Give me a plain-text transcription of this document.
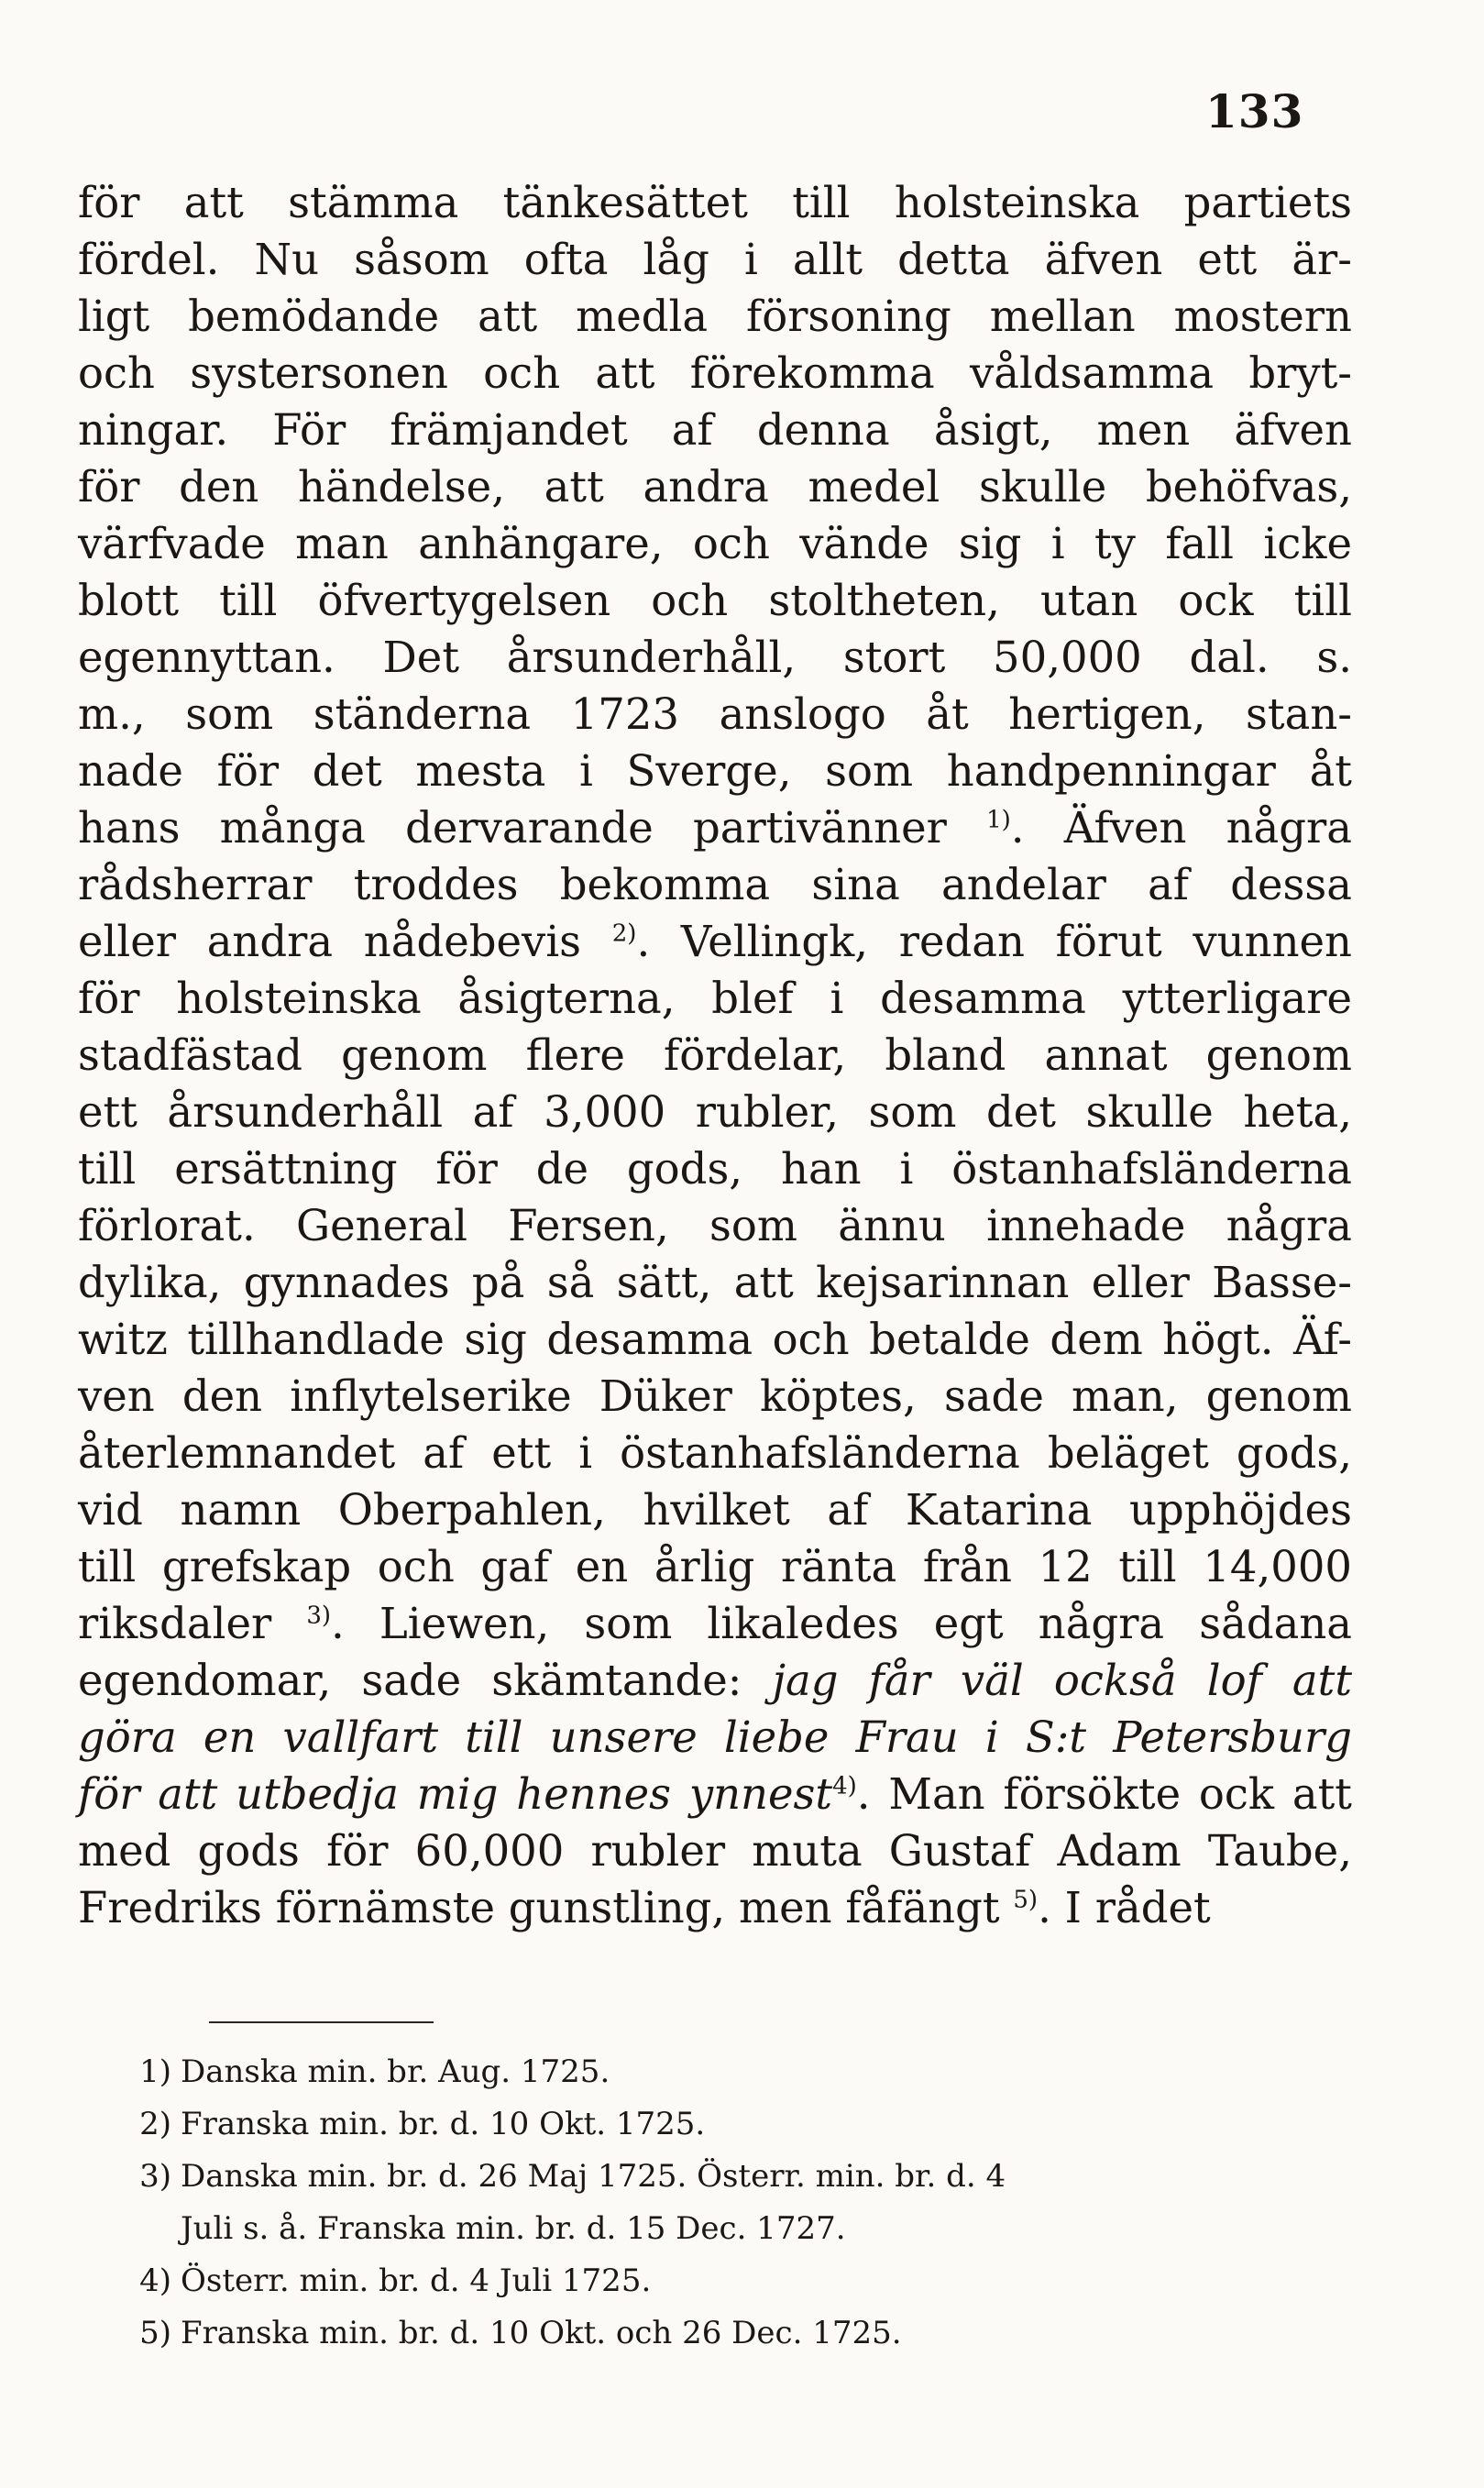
133
för att stämma tänkesättet till holsteinska partiets
fördel. Nu såsom ofta låg i allt detta äfven ett är-
ligt bemödande att medla försoning mellan mostern
och systersonen och att förekomma våldsamma bryt-
ningar. För främjandet af denna åsigt, men äfven
för den händelse, att andra medel skulle behöfvas,
värfvade man anhängare, och vände sig i ty fall icke
blott till öfvertygelsen och stoltheten, utan ock till
egennyttan. Det årsunderhåll, stort 50,000 dal. s.
m., som ständerna 1723 anslogo åt hertigen, stan-
nade för det mesta i Sverge, som handpenningar åt
hans många dervarande partivänner $^{1)}$. Äfven några
rådsherrar troddes bekomma sina andelar af dessa
eller andra nådebevis $^{2)}$. Vellingk, redan förut vunnen
för holsteinska åsigterna, blef i desamma ytterligare
stadfästad genom flere fördelar, bland annat genom
ett årsunderhåll af 3,000 rubler, som det skulle heta,
till ersättning för de gods, han i östanhafsländerna
förlorat. General Fersen, som ännu innehade några
dylika, gynnades på så sätt, att kejsarinnan eller Basse-
witz tillhandlade sig desamma och betalde dem högt. Äf-
ven den inflytelserike Düker köptes, sade man, genom
återlemnandet af ett i östanhafsländerna beläget gods,
vid namn Oberpahlen, hvilket af Katarina upphöjdes
till grefskap och gaf en årlig ränta från 12 till 14,000
riksdaler $^{3)}$. Liewen, som likaledes egt några sådana
egendomar, sade skämtande: jag får väl också lof att
göra en vallfart till unsere liebe Frau i S:t Petersburg
för att utbedja mig hennes ynnest$^{4)}$. Man försökte ock att
med gods för 60,000 rubler muta Gustaf Adam Taube,
Fredriks förnämste gunstling, men fåfängt $^{5)}$. I rådet
1) Danska min. br. Aug. 1725.
2) Franska min. br. d. 10 Okt. 1725.
3) Danska min. br. d. 26 Maj 1725. Österr. min. br. d. 4
Juli s. å. Franska min. br. d. 15 Dec. 1727.
4) Österr. min. br. d. 4 Juli 1725.
5) Franska min. br. d. 10 Okt. och 26 Dec. 1725.
